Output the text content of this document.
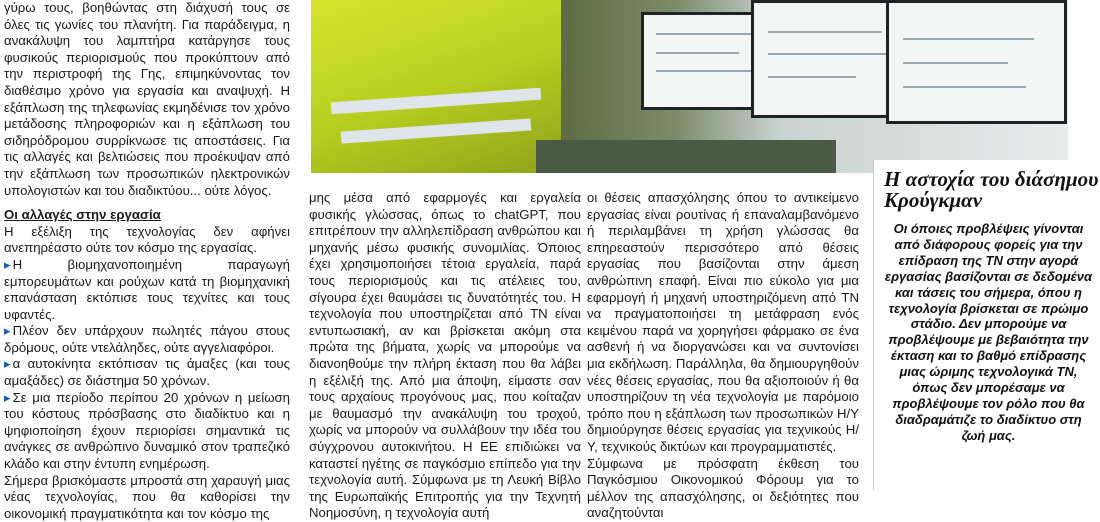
γύρω τους, βοηθώντας στη διάχυσή τους σε όλες τις γωνίες του πλανήτη. Για παράδειγμα, η ανακάλυψη του λαμπτήρα κατάργησε τους φυσικούς περιορισμούς που προκύπτουν από την περιστροφή της Γης, επιμηκύνοντας τον διαθέσιμο χρόνο για εργασία και αναψυχή. Η εξάπλωση της τηλεφωνίας εκμηδένισε τον χρόνο μετάδοσης πληροφοριών και η εξάπλωση του σιδηρόδρομου συρρίκνωσε τις αποστάσεις. Για τις αλλαγές και βελτιώσεις που προέκυψαν από την εξάπλωση των προσωπικών ηλεκτρονικών υπολογιστών και του διαδικτύου... ούτε λόγος.

Οι αλλαγές στην εργασία

Η εξέλιξη της τεχνολογίας δεν αφήνει ανεπηρέαστο ούτε τον κόσμο της εργασίας.

▸ Η βιομηχανοποιημένη παραγωγή εμπορευμάτων και ρούχων κατά τη βιομηχανική επανάσταση εκτόπισε τους τεχνίτες και τους υφαντές.

▸ Πλέον δεν υπάρχουν πωλητές πάγου στους δρόμους, ούτε ντελάληδες, ούτε αγγελιαφόροι.

▸ α αυτοκίνητα εκτόπισαν τις άμαξες (και τους αμαξάδες) σε διάστημα 50 χρόνων.

▸ Σε μια περίοδο περίπου 20 χρόνων η μείωση του κόστους πρόσβασης στο διαδίκτυο και η ψηφιοποίηση έχουν περιορίσει σημαντικά τις ανάγκες σε ανθρώπινο δυναμικό στον τραπεζικό κλάδο και στην έντυπη ενημέρωση.

Σήμερα βρισκόμαστε μπροστά στη χαραυγή μιας νέας τεχνολογίας, που θα καθορίσει την οικονομική πραγματικότητα και τον κόσμο της

μης μέσα από εφαρμογές και εργαλεία φυσικής γλώσσας, όπως το chatGPT, που επιτρέπουν την αλληλεπίδραση ανθρώπου και μηχανής μέσω φυσικής συνομιλίας. Όποιος έχει χρησιμοποιήσει τέτοια εργαλεία, παρά τους περιορισμούς και τις ατέλειες του, σίγουρα έχει θαυμάσει τις δυνατότητές του. Η τεχνολογία που υποστηρίζεται από ΤΝ είναι εντυπωσιακή, αν και βρίσκεται ακόμη στα πρώτα της βήματα, χωρίς να μπορούμε να διανοηθούμε την πλήρη έκταση που θα λάβει η εξέλιξή της. Από μια άποψη, είμαστε σαν τους αρχαίους προγόνους μας, που κοίταζαν με θαυμασμό την ανακάλυψη του τροχού, χωρίς να μπορούν να συλλάβουν την ιδέα του σύγχρονου αυτοκινήτου. Η ΕΕ επιδιώκει να καταστεί ηγέτης σε παγκόσμιο επίπεδο για την τεχνολογία αυτή. Σύμφωνα με τη Λευκή Βίβλο της Ευρωπαϊκής Επιτροπής για την Τεχνητή Νοημοσύνη, η τεχνολογία αυτή

οι θέσεις απασχόλησης όπου το αντικείμενο εργασίας είναι ρουτίνας ή επαναλαμβανόμενο ή περιλαμβάνει τη χρήση γλώσσας θα επηρεαστούν περισσότερο από θέσεις εργασίας που βασίζονται στην άμεση ανθρώπινη επαφή. Είναι πιο εύκολο για μια εφαρμογή ή μηχανή υποστηριζόμενη από ΤΝ να πραγματοποιήσει τη μετάφραση ενός κειμένου παρά να χορηγήσει φάρμακο σε ένα ασθενή ή να διοργανώσει και να συντονίσει μια εκδήλωση. Παράλληλα, θα δημιουργηθούν νέες θέσεις εργασίας, που θα αξιοποιούν ή θα υποστηρίζουν τη νέα τεχνολογία με παρόμοιο τρόπο που η εξάπλωση των προσωπικών Η/Υ δημιούργησε θέσεις εργασίας για τεχνικούς Η/Υ, τεχνικούς δικτύων και προγραμματιστές.

Σύμφωνα με πρόσφατη έκθεση του Παγκόσμιου Οικονομικού Φόρουμ για το μέλλον της απασχόλησης, οι δεξιότητες που αναζητούνται

Η αστοχία του διάσημου Κρούγκμαν
Οι όποιες προβλέψεις γίνονται από διάφορους φορείς για την επίδραση της ΤΝ στην αγορά εργασίας βασίζονται σε δεδομένα και τάσεις του σήμερα, όπου η τεχνολογία βρίσκεται σε πρώιμο στάδιο. Δεν μπορούμε να προβλέψουμε με βεβαιότητα την έκταση και το βαθμό επίδρασης μιας ώριμης τεχνολογικά ΤΝ, όπως δεν μπορέσαμε να προβλέψουμε τον ρόλο που θα διαδραμάτιζε το διαδίκτυο στη ζωή μας.
